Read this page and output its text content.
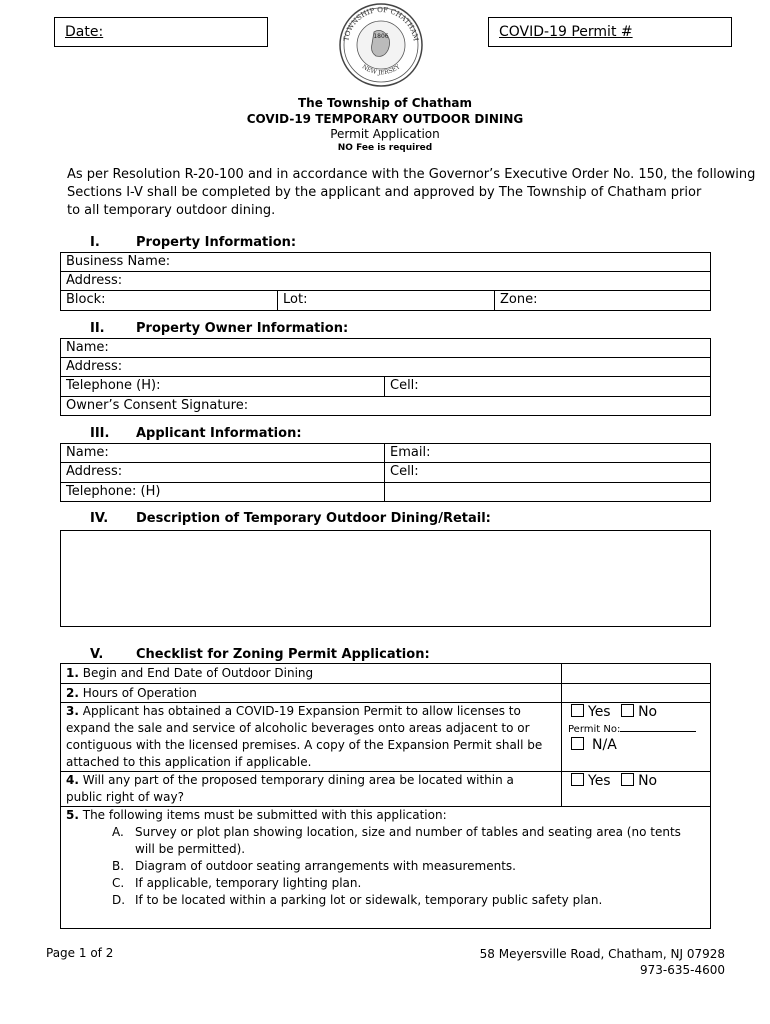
Date:	COVID-19 Permit #
TOWNSHIP OF CHATHAM
NEW JERSEY
1806
The Township of Chatham
COVID-19 TEMPORARY OUTDOOR DINING
Permit Application
NO Fee is required
As per Resolution R-20-100 and in accordance with the Governor’s Executive Order No. 150, the following
Sections I-V shall be completed by the applicant and approved by The Township of Chatham prior
to all temporary outdoor dining.
I.	Property Information:
Business Name:
Address:
Block:	Lot:	Zone:
II. Property Owner Information:
Name:
Address:
Telephone (H):	Cell:
Owner’s Consent Signature:
III. Applicant Information:
Name:	Email:
Address:	Cell:
Telephone: (H)
IV. Description of Temporary Outdoor Dining/Retail:
V.	Checklist for Zoning Permit Application:
1. Begin and End Date of Outdoor Dining
2. Hours of Operation
3. Applicant has obtained a COVID-19 Expansion Permit to allow licenses to
expand the sale and service of alcoholic beverages onto areas adjacent to or
contiguous with the licensed premises. A copy of the Expansion Permit shall be
attached to this application if applicable.
Yes No
Permit No:
N/A
4. Will any part of the proposed temporary dining area be located within a
public right of way?
Yes No
5. The following items must be submitted with this application:
A. Survey or plot plan showing location, size and number of tables and seating area (no tents
will be permitted).
B. Diagram of outdoor seating arrangements with measurements.
C. If applicable, temporary lighting plan.
D. If to be located within a parking lot or sidewalk, temporary public safety plan.
Page 1 of 2	58 Meyersville Road, Chatham, NJ 07928
973-635-4600
